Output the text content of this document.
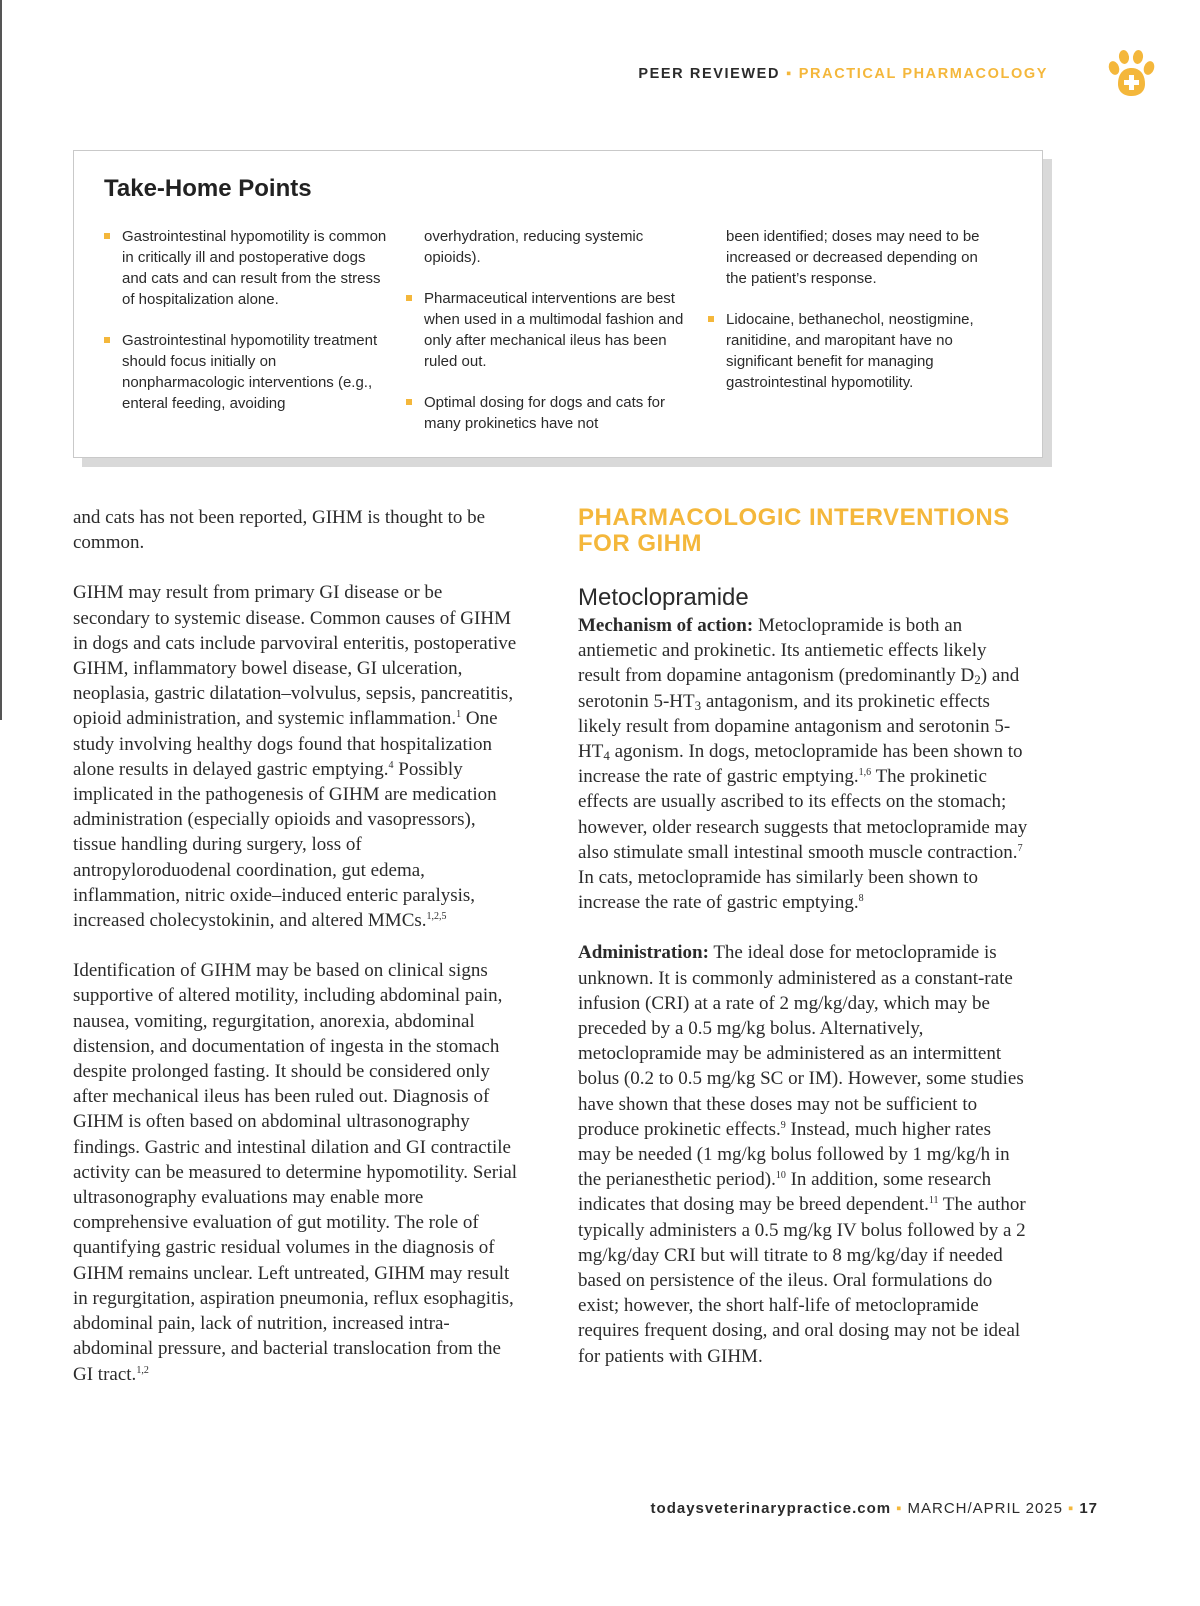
PEER REVIEWED ▪ PRACTICAL PHARMACOLOGY
Take-Home Points

Gastrointestinal hypomotility is common in critically ill and postoperative dogs and cats and can result from the stress of hospitalization alone.

Gastrointestinal hypomotility treatment should focus initially on nonpharmacologic interventions (e.g., enteral feeding, avoiding

overhydration, reducing systemic opioids).

Pharmaceutical interventions are best when used in a multimodal fashion and only after mechanical ileus has been ruled out.

Optimal dosing for dogs and cats for many prokinetics have not

been identified; doses may need to be increased or decreased depending on the patient’s response.

Lidocaine, bethanechol, neostigmine, ranitidine, and maropitant have no significant benefit for managing gastrointestinal hypomotility.

and cats has not been reported, GIHM is thought to be common.

GIHM may result from primary GI disease or be secondary to systemic disease. Common causes of GIHM in dogs and cats include parvoviral enteritis, postoperative GIHM, inflammatory bowel disease, GI ulceration, neoplasia, gastric dilatation–volvulus, sepsis, pancreatitis, opioid administration, and systemic inflammation.$^1$ One study involving healthy dogs found that hospitalization alone results in delayed gastric emptying.$^4$ Possibly implicated in the pathogenesis of GIHM are medication administration (especially opioids and vasopressors), tissue handling during surgery, loss of antropyloroduodenal coordination, gut edema, inflammation, nitric oxide–induced enteric paralysis, increased cholecystokinin, and altered MMCs.$^{1,2,5}$

Identification of GIHM may be based on clinical signs supportive of altered motility, including abdominal pain, nausea, vomiting, regurgitation, anorexia, abdominal distension, and documentation of ingesta in the stomach despite prolonged fasting. It should be considered only after mechanical ileus has been ruled out. Diagnosis of GIHM is often based on abdominal ultrasonography findings. Gastric and intestinal dilation and GI contractile activity can be measured to determine hypomotility. Serial ultrasonography evaluations may enable more comprehensive evaluation of gut motility. The role of quantifying gastric residual volumes in the diagnosis of GIHM remains unclear. Left untreated, GIHM may result in regurgitation, aspiration pneumonia, reflux esophagitis, abdominal pain, lack of nutrition, increased intra-abdominal pressure, and bacterial translocation from the GI tract.$^{1,2}$

PHARMACOLOGIC INTERVENTIONS FOR GIHM
Metoclopramide

Mechanism of action: Metoclopramide is both an antiemetic and prokinetic. Its antiemetic effects likely result from dopamine antagonism (predominantly $D_2$) and serotonin $5-HT_3$ antagonism, and its prokinetic effects likely result from dopamine antagonism and serotonin $5-HT_4$ agonism. In dogs, metoclopramide has been shown to increase the rate of gastric emptying.$^{1,6}$ The prokinetic effects are usually ascribed to its effects on the stomach; however, older research suggests that metoclopramide may also stimulate small intestinal smooth muscle contraction.$^7$ In cats, metoclopramide has similarly been shown to increase the rate of gastric emptying.$^8$

Administration: The ideal dose for metoclopramide is unknown. It is commonly administered as a constant-rate infusion (CRI) at a rate of 2 mg/kg/day, which may be preceded by a 0.5 mg/kg bolus. Alternatively, metoclopramide may be administered as an intermittent bolus (0.2 to 0.5 mg/kg SC or IM). However, some studies have shown that these doses may not be sufficient to produce prokinetic effects.$^9$ Instead, much higher rates may be needed (1 mg/kg bolus followed by 1 mg/kg/h in the perianesthetic period).$^{10}$ In addition, some research indicates that dosing may be breed dependent.$^{11}$ The author typically administers a 0.5 mg/kg IV bolus followed by a 2 mg/kg/day CRI but will titrate to 8 mg/kg/day if needed based on persistence of the ileus. Oral formulations do exist; however, the short half-life of metoclopramide requires frequent dosing, and oral dosing may not be ideal for patients with GIHM.

todaysveterinarypractice.com ▪ MARCH/APRIL 2025 ▪ 17
